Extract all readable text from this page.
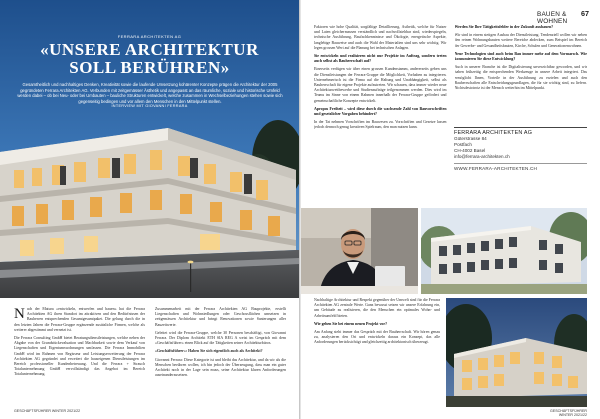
FERRARA ARCHITEKTEN AG
«UNSERE ARCHITEKTUR
SOLL BERÜHREN»
Gesamtheitlich und nachhaltiges Denken, Kreativität sowie die laufende Umsetzung kohärenter Konzepte prägen die Architektur der 2005 gegründeten Ferrara Architekten AG. Verbunden mit zeitgemässer Ästhetik und angepasst an das räumliche, soziale und historische Umfeld werden dabei – ob bei Neu- oder bei Umbauten – bauliche Strukturen entwickelt, welche zusammen in Wechselbeziehungen stehen sowie sich gegenseitig bedingen und vor allem den Menschen in den Mittelpunkt stellen.
INTERVIEW MIT GIOVANNI FERRARA

Nach der Matura «entwickeln, entwerfen und bauen» hat die Ferrara Architekten AG ihren Standort im attraktiven und den Bedürfnissen der Bauherren entsprechenden Gesamtgesamtpaket. Die gelung durch die in den letzten Jahren die Ferrara-Gruppe ergänzende zusätzliche Firmen, welche als weiterer abgestimmt und vernetzt ist.

Die Ferrara Consulting GmbH bietet Beratungsdienstleistungen, welche neben der Abgabe von der Grundstückevaluation und Machbarkeit sowie dem Verkauf von Liegenschaften und Eigentumswohnungen umfassen. Die Ferrara Immobilien GmbH wird im Rahmen von Regisseur und Leistungserweiterung der Ferrara Architekten AG gegründet und erweitert die hauseigenen Dienstleistungen im Bereich professioneller Kundenbetreuung. Und die Ferrara + Strauch Totalunternehmung GmbH vervollständigt das Angebot im Bereich Totalunternehmung.

Zusammenarbeit mit der Ferrara Architekten AG Bauprojekte, erstellt Liegenschaften und Wohnsiedlungen oder Geschossflächen umsetzen in zeitgemässen Architektur und bringt Renovationen sowie Sanierungen aller Bauzeitwerte.

Geleitet wird die Ferrara-Gruppe, welche 30 Personen beschäftigt, von Giovanni Ferrara. Der Diplom Architekt ETH SIA REG A weist im Gespräch mit dem «Geschäftsführer» einen Blick auf die Tätigkeiten seiner Architekturbüros.

«Geschäftsführer»: Haben Sie sich eigentlich auch als Architekt?

Giovanni Ferrara: Diese Kategorie ist und bleibt das Architektur, und da wir als die Menschen berühren wollen, ich bin jedoch der Überzeugung, dass man ein guter Architekt noch in der Lage sein muss, seine Architektur klaren Anforderungen auseinanderzusetzen.

GESCHÄFTSFÜHRER WINTER 2021/22
BAUEN & WOHNEN
67

Faktoren wie hohe Qualität, sorgfältige Detaillierung, Ästhetik, welche für Nutzer und Laien gleichermassen verständlich und nachvollziehbar sind, wiederspiegeln, technische Ausführung, Baufachkenntnisse und Ökologie, energetische Aspekte, langlebige Bauweise und auch die Wahl der Materialien sind uns sehr wichtig. Wir legen grossen Wert auf die Planung bei technischen Anlagen.

Sie entwickeln und realisieren nicht nur Projekte im Auftrag, sondern treten auch selbst als Bauherrschaft auf?

Einerseits verfügen wir über einen grossen Kundenstamm, andererseits geben uns die Dienstleistungen der Ferrara-Gruppe die Möglichkeit, Vorhaben zu integrieren. Unternehmerisch ist die Firma auf die Haltung und Unabhängigkeit, selbst als Bauherrschaft für eigene Projekte aufzutreten. Wir schauen, dass immer wieder neue Architekturwettbewerbe und Studienaufträge teilgenommen werden. Dies wird im Teams im Sinne von einem Rahmen innerhalb der Ferrara-Gruppe gefördert und gemeinschaftliche Konzepte entwickelt.

Apropos Freiheit – wird diese durch die wachsende Zahl von Bauvorschriften und gesetzlicher Vorgaben behindert?

In der Tat nehmen Vorschriften im Bauwesen zu. Vorschriften und Gesetze lassen jedoch dennoch genug kreativen Spielraum, den man nutzen kann.

Werden Sie Ihre Tätigkeitsfelder in der Zukunft ausbauen?

Wir sind in einem stetigen Ausbau der Dienstleistung. Tendenziell wollen wir neben den reinen Wohnungsbauten weitere Bereiche abdecken, zum Beispiel im Bereich der Gewerbe- und Gesundheitsbauten, Kirche, Schulen und Generationenwohnen.

Neue Technologien sind auch beim Bau immer mehr auf dem Vormarsch. Wie konsumieren Sie diese Entwicklung?

Auch in unserer Branche ist die Digitalisierung unverzichtbar geworden, und wir haben frühzeitig die entsprechenden Werkzeuge in unsere Arbeit integriert. Das ermöglicht Ihnen, Vorteile in der Ausführung zu erzielen und auch den Bauherrschaften alle Entscheidungsgrundlagen, die für sie wichtig sind, zu liefern. Nichtsdestotrotz ist der Mensch weiterhin im Mittelpunkt.

FERRARA ARCHITEKTEN AG
Güterstrasse 84
Postfach
CH-4002 Basel
info@ferrara-architekten.ch
WWW.FERRARA-ARCHITEKTEN.CH

Nachhaltige Architektur und Respekt gegenüber der Umwelt sind für die Ferrara Architekten AG zentrale Werte. Ganz bewusst setzen wir unsere Erfahrung ein, um Gebäude zu realisieren, die den Menschen ein optimales Wohn- und Arbeitsumfeld bieten.

Wie gehen Sie bei einem neuen Projekt vor?

Am Anfang steht immer das Gespräch mit der Bauherrschaft. Wir hören genau zu, analysieren den Ort und entwickeln daraus ein Konzept, das alle Anforderungen berücksichtigt und gleichzeitig architektonisch überzeugt.

GESCHÄFTSFÜHRER WINTER 2021/22
